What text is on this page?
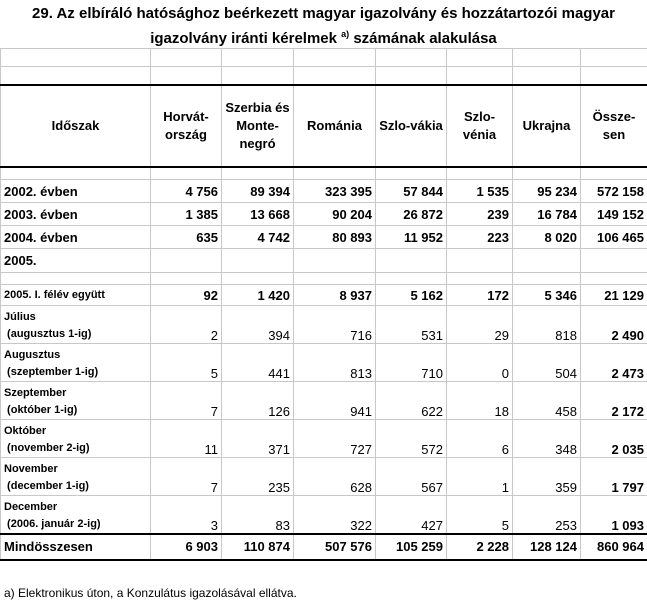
29. Az elbíráló hatósághoz beérkezett magyar igazolvány és hozzátartozói magyar
igazolvány iránti kérelmek $^{a)}$ számának alakulása

Időszak	Horvát-ország	Szerbia és Monte-negró	Románia	Szlo-vákia	Szlo-vénia	Ukrajna	Össze-sen

2002. évben	4 756	89 394	323 395	57 844	1 535	95 234	572 158
2003. évben	1 385	13 668	90 204	26 872	239	16 784	149 152
2004. évben	635	4 742	80 893	11 952	223	8 020	106 465
2005.							

2005. I. félév együtt	92	1 420	8 937	5 162	172	5 346	21 129

Július
(augusztus 1-ig)	2	394	716	531	29	818	2 490

Augusztus
(szeptember 1-ig)	5	441	813	710	0	504	2 473

Szeptember
(október 1-ig)	7	126	941	622	18	458	2 172

Október
(november 2-ig)	11	371	727	572	6	348	2 035

November
(december 1-ig)	7	235	628	567	1	359	1 797

December
(2006. január 2-ig)	3	83	322	427	5	253	1 093
Mindösszesen	6 903	110 874	507 576	105 259	2 228	128 124	860 964
a) Elektronikus úton, a Konzulátus igazolásával ellátva.
